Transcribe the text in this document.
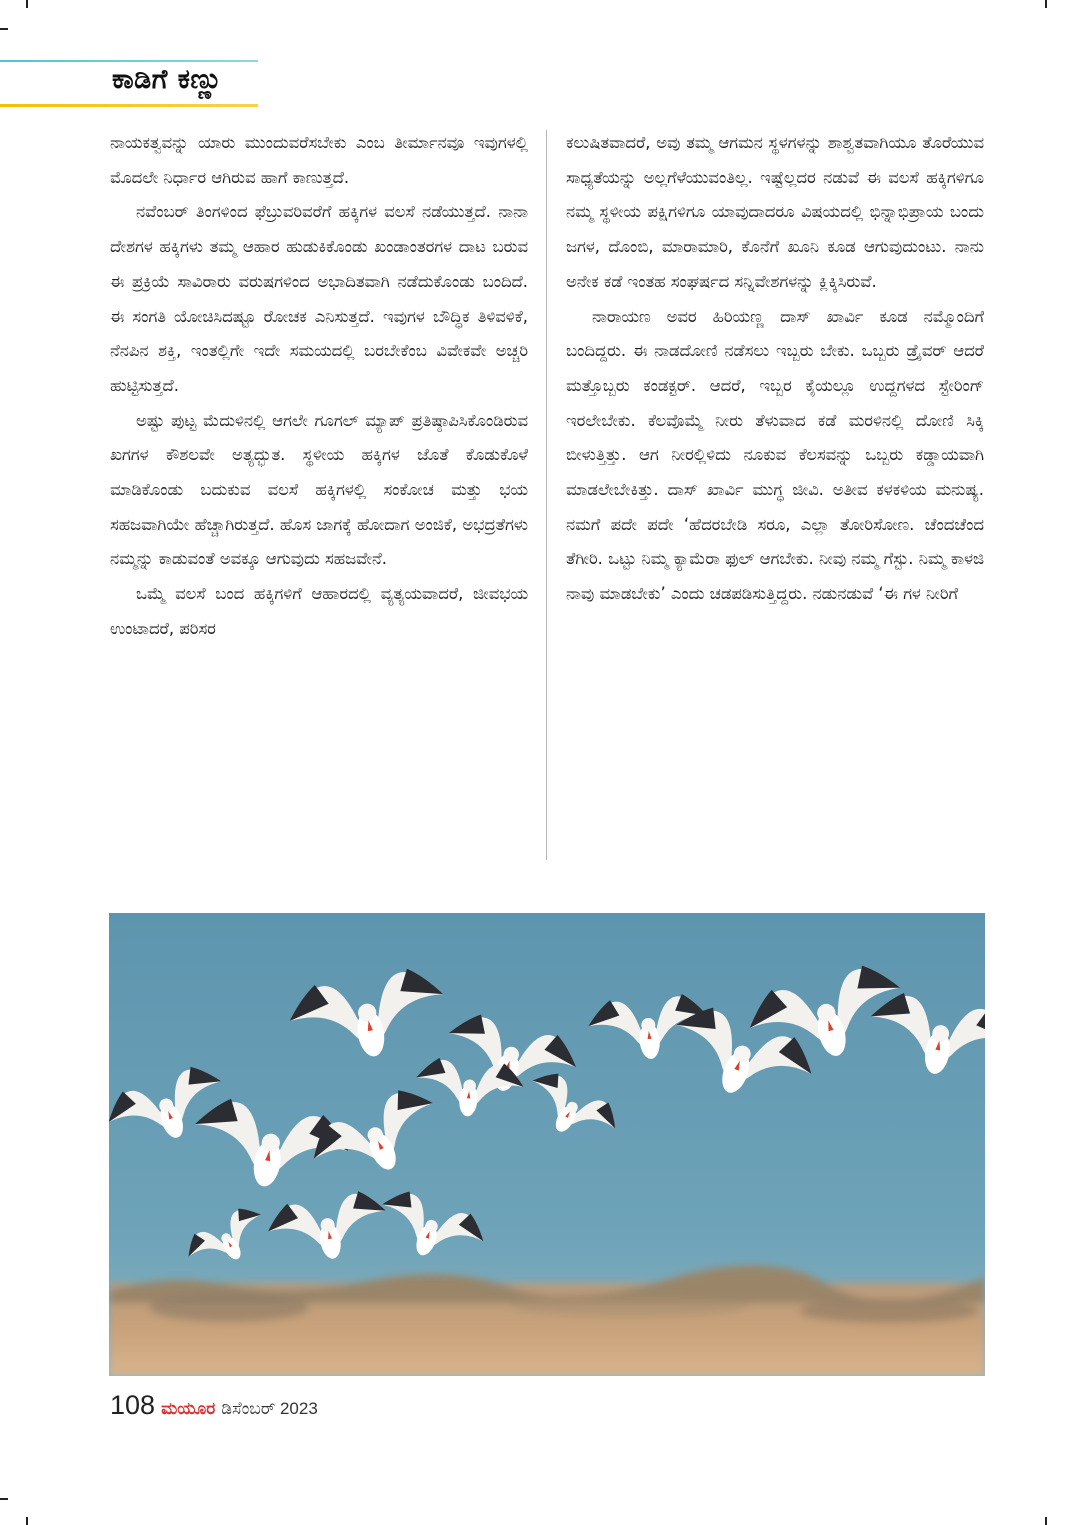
ಕಾಡಿಗೆ ಕಣ್ಣು

ನಾಯಕತ್ವವನ್ನು ಯಾರು ಮುಂದುವರೆಸಬೇಕು ಎಂಬ ತೀರ್ಮಾನವೂ ಇವುಗಳಲ್ಲಿ ಮೊದಲೇ ನಿರ್ಧಾರ ಆಗಿರುವ ಹಾಗೆ ಕಾಣುತ್ತದೆ.

ನವೆಂಬರ್ ತಿಂಗಳಿಂದ ಫೆಬ್ರುವರಿವರೆಗೆ ಹಕ್ಕಿಗಳ ವಲಸೆ ನಡೆಯುತ್ತದೆ. ನಾನಾ ದೇಶಗಳ ಹಕ್ಕಿಗಳು ತಮ್ಮ ಆಹಾರ ಹುಡುಕಿಕೊಂಡು ಖಂಡಾಂತರಗಳ ದಾಟ ಬರುವ ಈ ಪ್ರಕ್ರಿಯೆ ಸಾವಿರಾರು ವರುಷಗಳಿಂದ ಅಭಾದಿತವಾಗಿ ನಡೆದುಕೊಂಡು ಬಂದಿದೆ. ಈ ಸಂಗತಿ ಯೋಚಿಸಿದಷ್ಟೂ ರೋಚಕ ಎನಿಸುತ್ತದೆ. ಇವುಗಳ ಬೌದ್ಧಿಕ ತಿಳಿವಳಿಕೆ, ನೆನಪಿನ ಶಕ್ತಿ, ಇಂತಲ್ಲಿಗೇ ಇದೇ ಸಮಯದಲ್ಲಿ ಬರಬೇಕೆಂಬ ವಿವೇಕವೇ ಅಚ್ಚರಿ ಹುಟ್ಟಿಸುತ್ತದೆ.

ಅಷ್ಟು ಪುಟ್ಟ ಮೆದುಳಿನಲ್ಲಿ ಆಗಲೇ ಗೂಗಲ್ ಮ್ಯಾಪ್ ಪ್ರತಿಷ್ಠಾಪಿಸಿಕೊಂಡಿರುವ ಖಗಗಳ ಕೌಶಲವೇ ಅತ್ಯದ್ಭುತ. ಸ್ಥಳೀಯ ಹಕ್ಕಿಗಳ ಜೊತೆ ಕೊಡುಕೊಳೆ ಮಾಡಿಕೊಂಡು ಬದುಕುವ ವಲಸೆ ಹಕ್ಕಿಗಳಲ್ಲಿ ಸಂಕೋಚ ಮತ್ತು ಭಯ ಸಹಜವಾಗಿಯೇ ಹೆಚ್ಚಾಗಿರುತ್ತದೆ. ಹೊಸ ಜಾಗಕ್ಕೆ ಹೋದಾಗ ಅಂಜಿಕೆ, ಅಭದ್ರತೆಗಳು ನಮ್ಮನ್ನು ಕಾಡುವಂತೆ ಅವಕ್ಕೂ ಆಗುವುದು ಸಹಜವೇನೆ.

ಒಮ್ಮೆ ವಲಸೆ ಬಂದ ಹಕ್ಕಿಗಳಿಗೆ ಆಹಾರದಲ್ಲಿ ವ್ಯತ್ಯಯವಾದರೆ, ಜೀವಭಯ ಉಂಟಾದರೆ, ಪರಿಸರ

ಕಲುಷಿತವಾದರೆ, ಅವು ತಮ್ಮ ಆಗಮನ ಸ್ಥಳಗಳನ್ನು ಶಾಶ್ವತವಾಗಿಯೂ ತೊರೆಯುವ ಸಾಧ್ಯತೆಯನ್ನು ಅಲ್ಲಗೆಳೆಯುವಂತಿಲ್ಲ. ಇಷ್ಟೆಲ್ಲದರ ನಡುವೆ ಈ ವಲಸೆ ಹಕ್ಕಿಗಳಿಗೂ ನಮ್ಮ ಸ್ಥಳೀಯ ಪಕ್ಷಿಗಳಿಗೂ ಯಾವುದಾದರೂ ವಿಷಯದಲ್ಲಿ ಭಿನ್ನಾಭಿಪ್ರಾಯ ಬಂದು ಜಗಳ, ದೊಂಬಿ, ಮಾರಾಮಾರಿ, ಕೊನೆಗೆ ಖೂನಿ ಕೂಡ ಆಗುವುದುಂಟು. ನಾನು ಅನೇಕ ಕಡೆ ಇಂತಹ ಸಂಘರ್ಷದ ಸನ್ನಿವೇಶಗಳನ್ನು ಕ್ಲಿಕ್ಕಿಸಿರುವೆ.

ನಾರಾಯಣ ಅವರ ಹಿರಿಯಣ್ಣ ದಾಸ್ ಖಾರ್ವಿ ಕೂಡ ನಮ್ಮೊಂದಿಗೆ ಬಂದಿದ್ದರು. ಈ ನಾಡದೋಣಿ ನಡೆಸಲು ಇಬ್ಬರು ಬೇಕು. ಒಬ್ಬರು ಡ್ರೈವರ್ ಆದರೆ ಮತ್ತೊಬ್ಬರು ಕಂಡಕ್ಟರ್. ಆದರೆ, ಇಬ್ಬರ ಕೈಯಲ್ಲೂ ಉದ್ದಗಳದ ಸ್ಟೇರಿಂಗ್ ಇರಲೇಬೇಕು. ಕೆಲವೊಮ್ಮೆ ನೀರು ತೆಳುವಾದ ಕಡೆ ಮರಳಿನಲ್ಲಿ ದೋಣಿ ಸಿಕ್ಕಿ ಬೀಳುತ್ತಿತ್ತು. ಆಗ ನೀರಲ್ಲಿಳಿದು ನೂಕುವ ಕೆಲಸವನ್ನು ಒಬ್ಬರು ಕಡ್ಡಾಯವಾಗಿ ಮಾಡಲೇಬೇಕಿತ್ತು. ದಾಸ್ ಖಾರ್ವಿ ಮುಗ್ಧ ಜೀವಿ. ಅತೀವ ಕಳಕಳಿಯ ಮನುಷ್ಯ. ನಮಗೆ ಪದೇ ಪದೇ ‘ಹೆದರಬೇಡಿ ಸರೂ, ಎಲ್ಲಾ ತೋರಿಸೋಣ. ಚೆಂದಚೆಂದ ತೆಗೀರಿ. ಒಟ್ಟು ನಿಮ್ಮ ಕ್ಯಾಮೆರಾ ಫುಲ್ ಆಗಬೇಕು. ನೀವು ನಮ್ಮ ಗೆಸ್ಟು. ನಿಮ್ಮ ಕಾಳಜಿ ನಾವು ಮಾಡಬೇಕು’ ಎಂದು ಚಡಪಡಿಸುತ್ತಿದ್ದರು. ನಡುನಡುವೆ ‘ಈ ಗಳ ನೀರಿಗೆ

108 ಮಯೂರ ಡಿಸೆಂಬರ್ 2023
